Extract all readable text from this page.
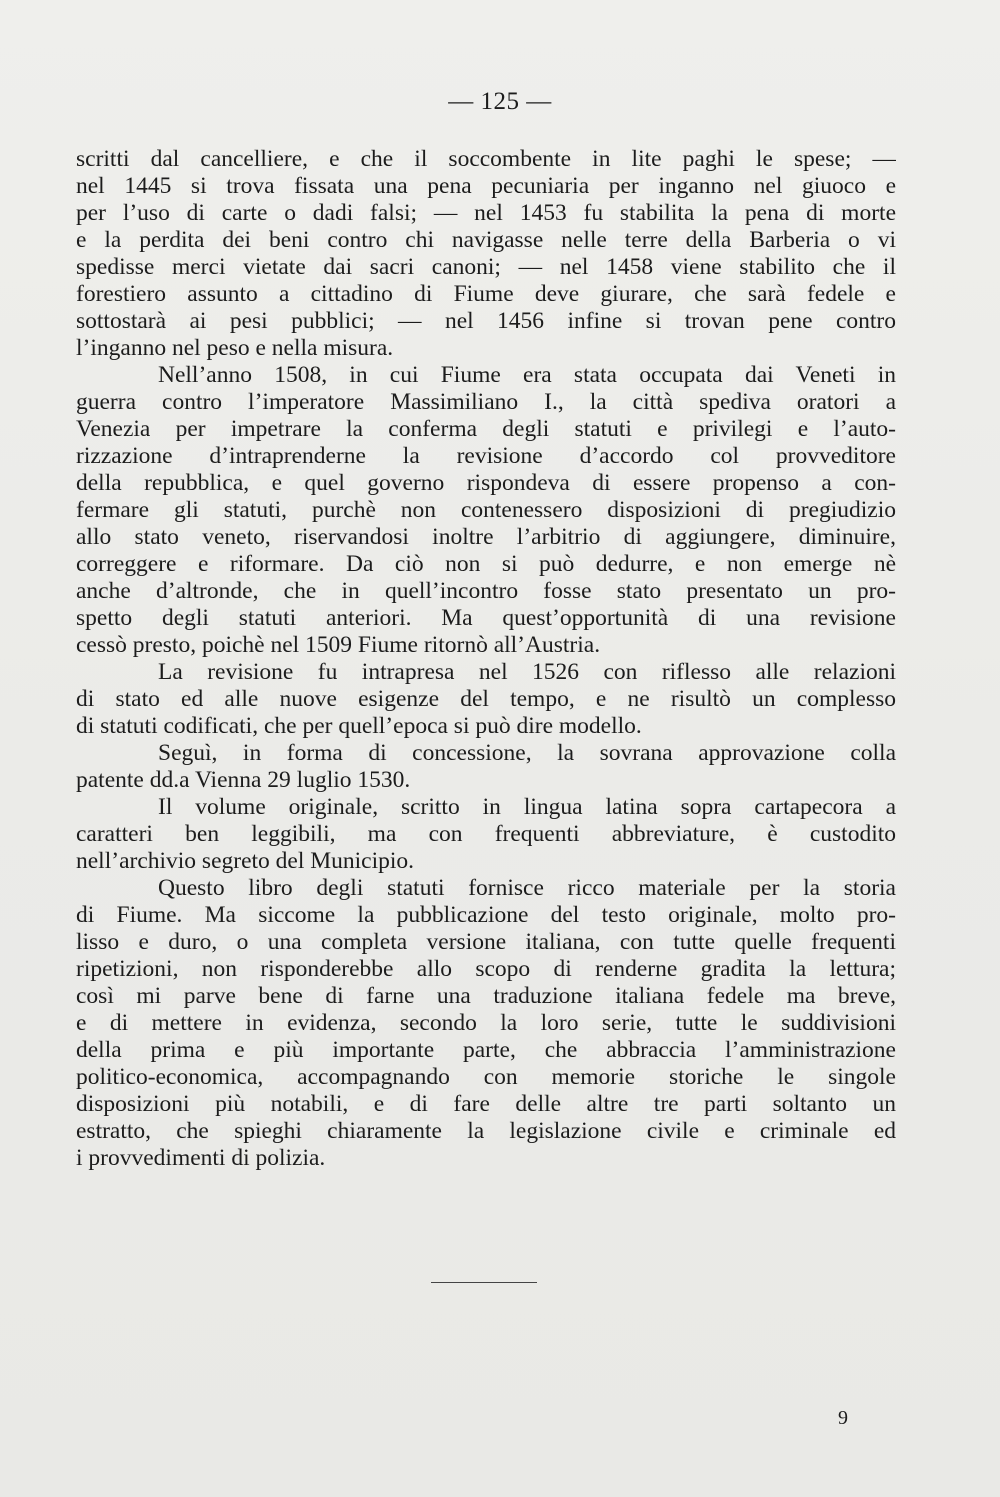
— 125 —
scritti dal cancelliere, e che il soccombente in lite paghi le spese; —
nel 1445 si trova fissata una pena pecuniaria per inganno nel giuoco e
per l’uso di carte o dadi falsi; — nel 1453 fu stabilita la pena di morte
e la perdita dei beni contro chi navigasse nelle terre della Barberia o vi
spedisse merci vietate dai sacri canoni; — nel 1458 viene stabilito che il
forestiero assunto a cittadino di Fiume deve giurare, che sarà fedele e
sottostarà ai pesi pubblici; — nel 1456 infine si trovan pene contro
l’inganno nel peso e nella misura.
Nell’anno 1508, in cui Fiume era stata occupata dai Veneti in
guerra contro l’imperatore Massimiliano I., la città spediva oratori a
Venezia per impetrare la conferma degli statuti e privilegi e l’auto-
rizzazione d’intraprenderne la revisione d’accordo col provveditore
della repubblica, e quel governo rispondeva di essere propenso a con-
fermare gli statuti, purchè non contenessero disposizioni di pregiudizio
allo stato veneto, riservandosi inoltre l’arbitrio di aggiungere, diminuire,
correggere e riformare. Da ciò non si può dedurre, e non emerge nè
anche d’altronde, che in quell’incontro fosse stato presentato un pro-
spetto degli statuti anteriori. Ma quest’opportunità di una revisione
cessò presto, poichè nel 1509 Fiume ritornò all’Austria.
La revisione fu intrapresa nel 1526 con riflesso alle relazioni
di stato ed alle nuove esigenze del tempo, e ne risultò un complesso
di statuti codificati, che per quell’epoca si può dire modello.
Seguì, in forma di concessione, la sovrana approvazione colla
patente dd.a Vienna 29 luglio 1530.
Il volume originale, scritto in lingua latina sopra cartapecora a
caratteri ben leggibili, ma con frequenti abbreviature, è custodito
nell’archivio segreto del Municipio.
Questo libro degli statuti fornisce ricco materiale per la storia
di Fiume. Ma siccome la pubblicazione del testo originale, molto pro-
lisso e duro, o una completa versione italiana, con tutte quelle frequenti
ripetizioni, non risponderebbe allo scopo di renderne gradita la lettura;
così mi parve bene di farne una traduzione italiana fedele ma breve,
e di mettere in evidenza, secondo la loro serie, tutte le suddivisioni
della prima e più importante parte, che abbraccia l’amministrazione
politico-economica, accompagnando con memorie storiche le singole
disposizioni più notabili, e di fare delle altre tre parti soltanto un
estratto, che spieghi chiaramente la legislazione civile e criminale ed
i provvedimenti di polizia.
9
